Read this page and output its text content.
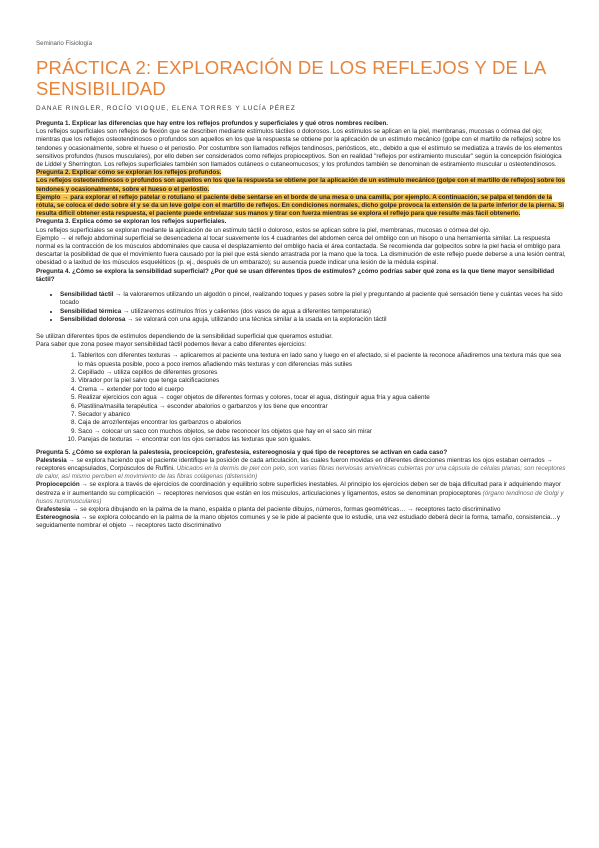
Seminario Fisiología
PRÁCTICA 2: EXPLORACIÓN DE LOS REFLEJOS Y DE LA SENSIBILIDAD
DANAE RINGLER, ROCÍO VIOQUE, ELENA TORRES Y LUCÍA PÉREZ

Pregunta 1. Explicar las diferencias que hay entre los reflejos profundos y superficiales y qué otros nombres reciben.

Los reflejos superficiales son reflejos de flexión que se describen mediante estímulos táctiles o dolorosos. Los estímulos se aplican en la piel, membranas, mucosas o córnea del ojo; mientras que los reflejos osteotendinosos o profundos son aquellos en los que la respuesta se obtiene por la aplicación de un estímulo mecánico (golpe con el martillo de reflejos) sobre los tendones y ocasionalmente, sobre el hueso o el periostio. Por costumbre son llamados reflejos tendinosos, periósticos, etc., debido a que el estímulo se mediatiza a través de los elementos sensitivos profundos (husos musculares), por ello deben ser considerados como reflejos propioceptivos. Son en realidad "reflejos por estiramiento muscular" según la concepción fisiológica de Liddel y Sherrington. Los reflejos superficiales también son llamados cutáneos o cutaneomucosos; y los profundos también se denominan de estiramiento muscular u osteotendinosos.

Pregunta 2. Explicar cómo se exploran los reflejos profundos.

Los reflejos osteotendinosos o profundos son aquellos en los que la respuesta se obtiene por la aplicación de un estímulo mecánico (golpe con el martillo de reflejos) sobre los tendones y ocasionalmente, sobre el hueso o el periostio.

Ejemplo → para explorar el reflejo patelar o rotuliano el paciente debe sentarse en el borde de una mesa o una camilla, por ejemplo. A continuación, se palpa el tendón de la rótula, se coloca el dedo sobre él y se da un leve golpe con el martillo de reflejos. En condiciones normales, dicho golpe provoca la extensión de la parte inferior de la pierna. Si resulta difícil obtener esta respuesta, el paciente puede entrelazar sus manos y tirar con fuerza mientras se explora el reflejo para que resulte más fácil obtenerlo.

Pregunta 3. Explica cómo se exploran los reflejos superficiales.

Los reflejos superficiales se exploran mediante la aplicación de un estímulo táctil o doloroso, estos se aplican sobre la piel, membranas, mucosas o córnea del ojo.

Ejemplo → el reflejo abdominal superficial se desencadena al tocar suavemente los 4 cuadrantes del abdomen cerca del ombligo con un hisopo o una herramienta similar. La respuesta normal es la contracción de los músculos abdominales que causa el desplazamiento del ombligo hacia el área contactada. Se recomienda dar golpecitos sobre la piel hacia el ombligo para descartar la posibilidad de que el movimiento fuera causado por la piel que está siendo arrastrada por la mano que la toca. La disminución de este reflejo puede deberse a una lesión central, obesidad o a laxitud de los músculos esqueléticos (p. ej., después de un embarazo); su ausencia puede indicar una lesión de la médula espinal.

Pregunta 4. ¿Cómo se explora la sensibilidad superficial? ¿Por qué se usan diferentes tipos de estímulos? ¿cómo podrías saber qué zona es la que tiene mayor sensibilidad táctil?

• Sensibilidad táctil → la valoraremos utilizando un algodón o pincel, realizando toques y pases sobre la piel y preguntando al paciente qué sensación tiene y cuántas veces ha sido tocado
• Sensibilidad térmica → utilizaremos estímulos fríos y calientes (dos vasos de agua a diferentes temperaturas)
• Sensibilidad dolorosa → se valorará con una aguja, utilizando una técnica similar a la usada en la exploración táctil

Se utilizan diferentes tipos de estímulos dependiendo de la sensibilidad superficial que queramos estudiar.

Para saber que zona posee mayor sensibilidad táctil podemos llevar a cabo diferentes ejercicios:

1. Tableritos con diferentes texturas → aplicaremos al paciente una textura en lado sano y luego en el afectado, si el paciente la reconoce añadiremos una textura más que sea lo más opuesta posible, poco a poco iremos añadiendo más texturas y con diferencias más sutiles
2. Cepillado → utiliza cepillos de diferentes grosores
3. Vibrador por la piel salvo que tenga calcificaciones
4. Crema → extender por todo el cuerpo
5. Realizar ejercicios con agua → coger objetos de diferentes formas y colores, tocar el agua, distinguir agua fría y agua caliente
6. Plastilina/masilla terapéutica → esconder abalorios o garbanzos y los tiene que encontrar
7. Secador y abanico
8. Caja de arroz/lentejas encontrar los garbanzos o abalorios
9. Saco → colocar un saco con muchos objetos, se debe reconocer los objetos que hay en el saco sin mirar
10. Parejas de texturas → encontrar con los ojos cerrados las texturas que son iguales.

Pregunta 5. ¿Cómo se exploran la palestesia, procicepción, grafestesia, estereognosia y qué tipo de receptores se activan en cada caso?

Palestesia → se explora haciendo que el paciente identifique la posición de cada articulación, las cuales fueron movidas en diferentes direcciones mientras los ojos estaban cerrados → receptores encapsulados, Corpúsculos de Ruffini. Ubicados en la dermis de piel con pelo, son varias fibras nerviosas amielínicas cubiertas por una cápsula de células planas; son receptores de calor, así mismo perciben el movimiento de las fibras colágenas (distensión)

Propiocepción → se explora a través de ejercicios de coordinación y equilibrio sobre superficies inestables. Al principio los ejercicios deben ser de baja dificultad para ir adquiriendo mayor destreza e ir aumentando su complicación → receptores nerviosos que están en los músculos, articulaciones y ligamentos, estos se denominan propioceptores (órgano tendinoso de Golgi y husos nuromusculares)

Grafestesia → se explora dibujando en la palma de la mano, espalda o planta del paciente dibujos, números, formas geométricas… → receptores tacto discriminativo

Estereognosia → se explora colocando en la palma de la mano objetos comunes y se le pide al paciente que lo estudie, una vez estudiado deberá decir la forma, tamaño, consistencia…y seguidamente nombrar el objeto → receptores tacto discriminativo
